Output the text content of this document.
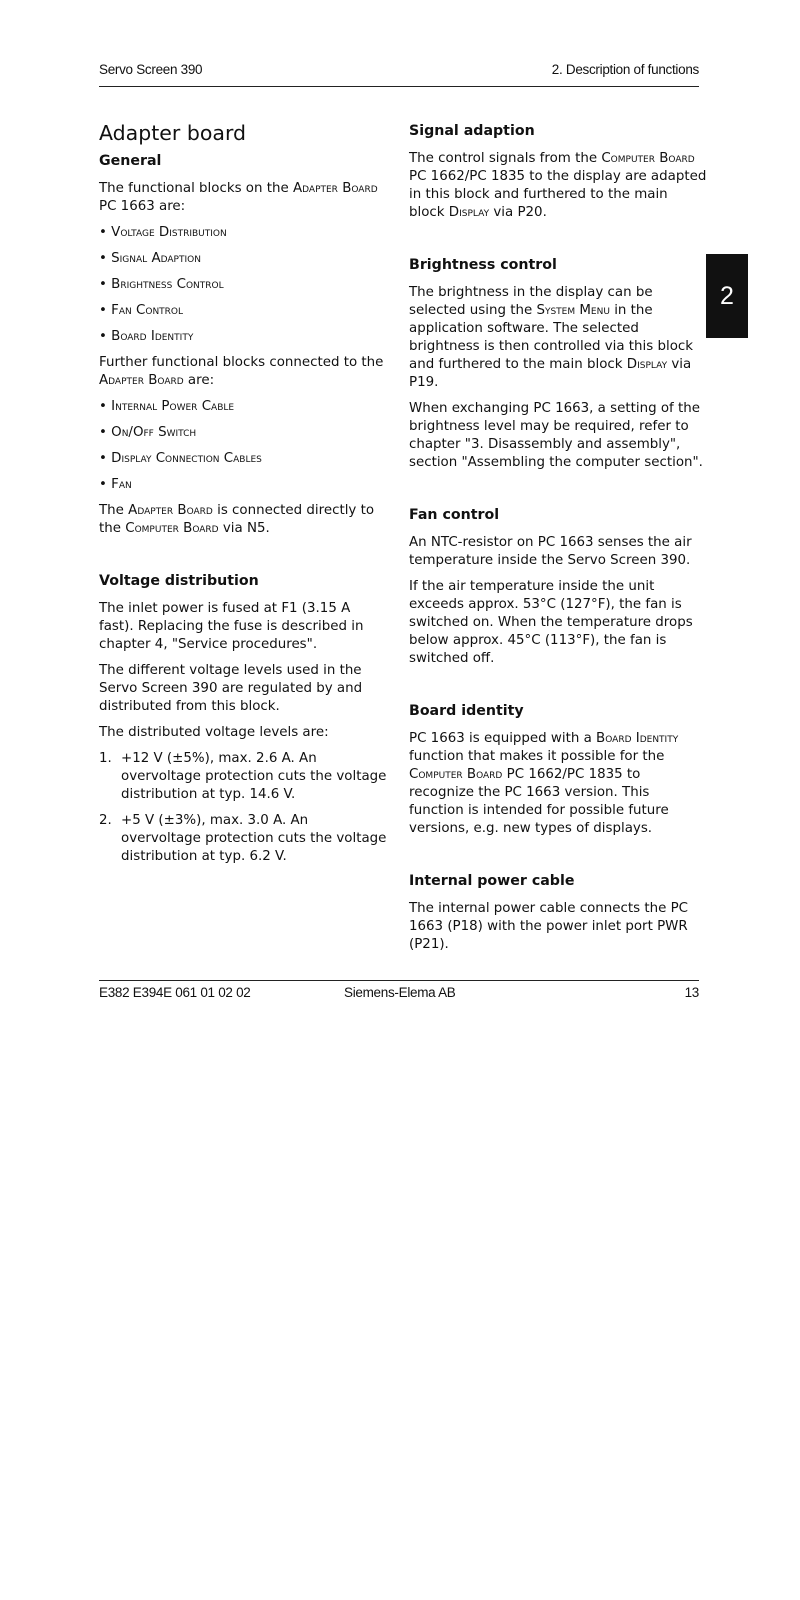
Servo Screen 390	2. Description of functions
2
Adapter board
General

The functional blocks on the Adapter Board PC 1663 are:

• Voltage Distribution
• Signal Adaption
• Brightness Control
• Fan Control
• Board Identity

Further functional blocks connected to the
Adapter Board are:

• Internal Power Cable
• On/Off Switch
• Display Connection Cables
• Fan

The Adapter Board is connected directly to the Computer Board via N5.

Voltage distribution

The inlet power is fused at F1 (3.15 A fast). Replacing the fuse is described in chapter 4, "Service procedures".

The different voltage levels used in the Servo Screen 390 are regulated by and distributed from this block.

The distributed voltage levels are:

1. +12 V (±5%), max. 2.6 A. An overvoltage protection cuts the voltage distribution at typ. 14.6 V.
2. +5 V (±3%), max. 3.0 A. An overvoltage protection cuts the voltage distribution at typ. 6.2 V.
Signal adaption

The control signals from the Computer Board PC 1662/PC 1835 to the display are adapted in this block and furthered to the main block Display via P20.

Brightness control

The brightness in the display can be selected using the System Menu in the application software. The selected brightness is then controlled via this block and furthered to the main block Display via P19.

When exchanging PC 1663, a setting of the brightness level may be required, refer to chapter "3. Disassembly and assembly", section "Assembling the computer section".

Fan control

An NTC-resistor on PC 1663 senses the air temperature inside the Servo Screen 390.

If the air temperature inside the unit exceeds approx. 53°C (127°F), the fan is switched on. When the temperature drops below approx. 45°C (113°F), the fan is switched off.

Board identity

PC 1663 is equipped with a Board Identity function that makes it possible for the Computer Board PC 1662/PC 1835 to recognize the PC 1663 version. This function is intended for possible future versions, e.g. new types of displays.

Internal power cable

The internal power cable connects the PC 1663 (P18) with the power inlet port PWR (P21).

E382 E394E 061 01 02 02	Siemens-Elema AB	13
